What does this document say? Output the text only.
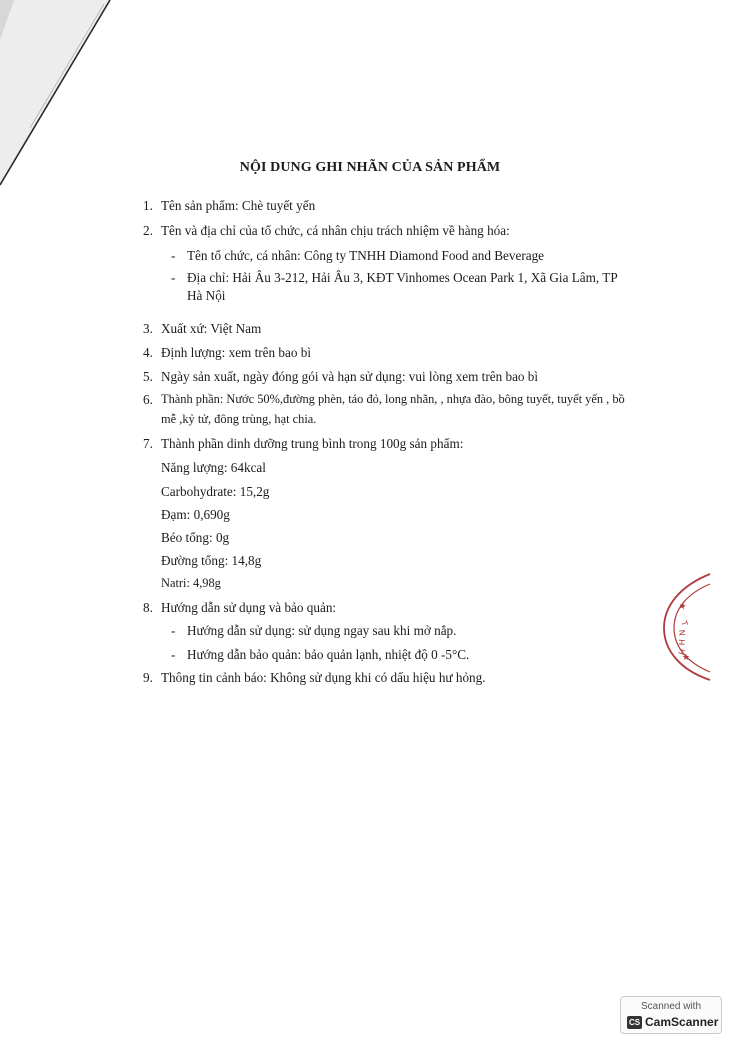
NỘI DUNG GHI NHÃN CỦA SẢN PHẨM
1. Tên sản phẩm: Chè tuyết yến
2. Tên và địa chỉ của tổ chức, cá nhân chịu trách nhiệm về hàng hóa:
- Tên tổ chức, cá nhân: Công ty TNHH Diamond Food and Beverage
- Địa chỉ: Hải Âu 3-212, Hải Âu 3, KĐT Vinhomes Ocean Park 1, Xã Gia Lâm, TP
Hà Nội
3. Xuất xứ: Việt Nam
4. Định lượng: xem trên bao bì
5. Ngày sản xuất, ngày đóng gói và hạn sử dụng: vui lòng xem trên bao bì
6. Thành phần: Nước 50%,đường phèn, táo đỏ, long nhãn, , nhựa đào, bông tuyết, tuyết yến , bồ
mễ ,kỷ tử, đông trùng, hạt chia.
7. Thành phần dinh dưỡng trung bình trong 100g sản phẩm:
Năng lượng: 64kcal
Carbohydrate: 15,2g
Đạm: 0,690g
Béo tổng: 0g
Đường tổng: 14,8g
Natri: 4,98g
8. Hướng dẫn sử dụng và bảo quản:
- Hướng dẫn sử dụng: sử dụng ngay sau khi mở nắp.
- Hướng dẫn bảo quản: bảo quản lạnh, nhiệt độ 0 -5°C.
9. Thông tin cảnh báo: Không sử dụng khi có dấu hiệu hư hỏng.
★
T
N
H
H
★
Scanned with
CS CamScanner
